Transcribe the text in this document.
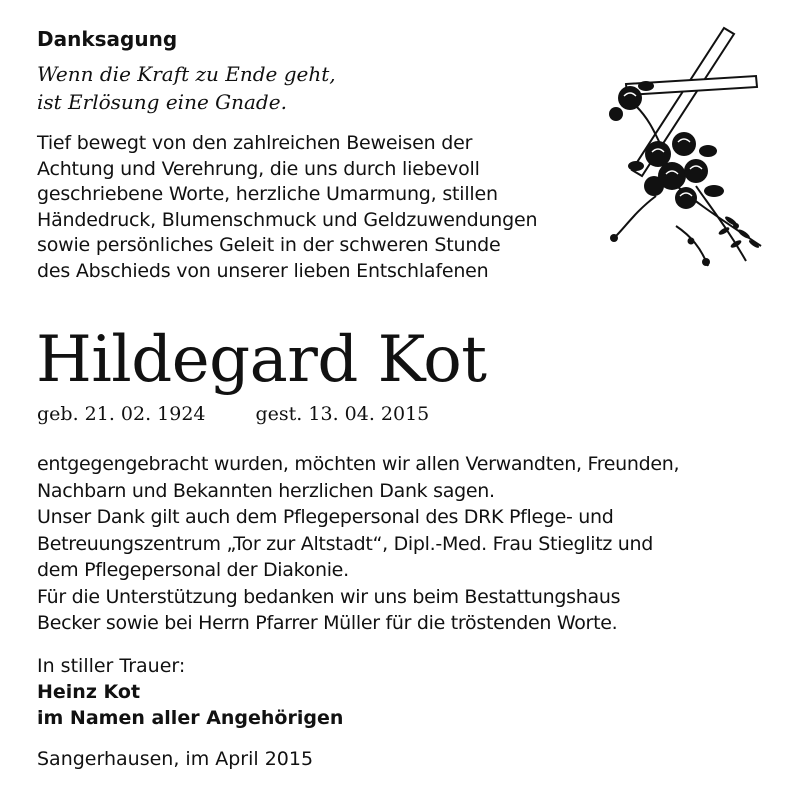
Danksagung
Wenn die Kraft zu Ende geht,
ist Erlösung eine Gnade.
Tief bewegt von den zahlreichen Beweisen der
Achtung und Verehrung, die uns durch liebevoll
geschriebene Worte, herzliche Umarmung, stillen
Händedruck, Blumenschmuck und Geldzuwendungen
sowie persönliches Geleit in der schweren Stunde
des Abschieds von unserer lieben Entschlafenen
Hildegard Kot
geb. 21. 02. 1924	gest. 13. 04. 2015
entgegengebracht wurden, möchten wir allen Verwandten, Freunden,
Nachbarn und Bekannten herzlichen Dank sagen.
Unser Dank gilt auch dem Pflegepersonal des DRK Pflege- und
Betreuungszentrum „Tor zur Altstadt“, Dipl.-Med. Frau Stieglitz und
dem Pflegepersonal der Diakonie.
Für die Unterstützung bedanken wir uns beim Bestattungshaus
Becker sowie bei Herrn Pfarrer Müller für die tröstenden Worte.
In stiller Trauer:
Heinz Kot
im Namen aller Angehörigen
Sangerhausen, im April 2015
